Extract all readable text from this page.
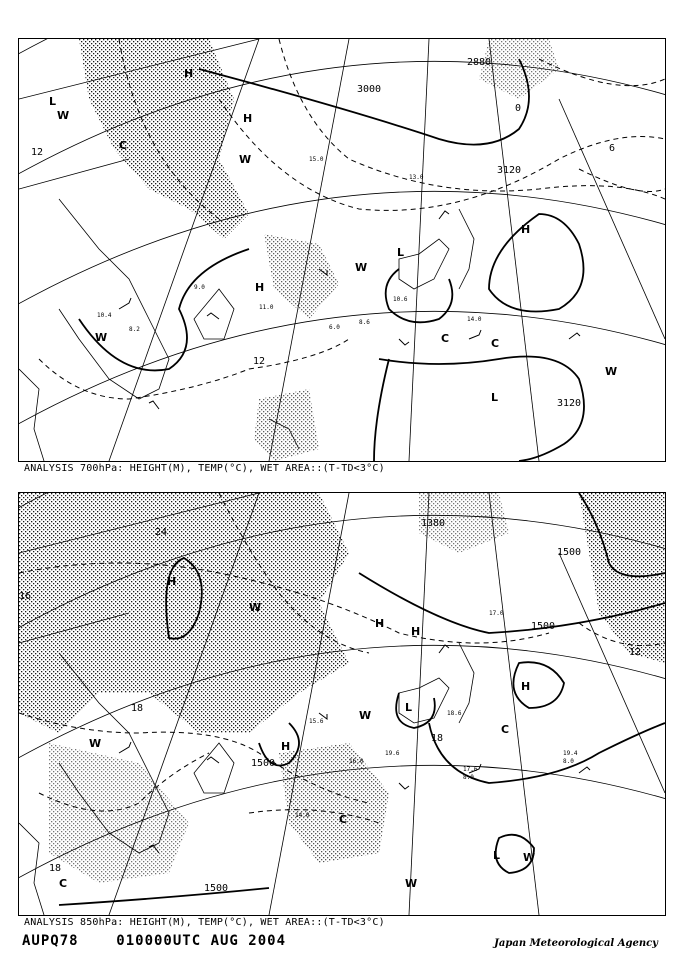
3000
2880
3120
3120
12
12
0
6
H
H
H
H
L
L
L
C
C	C
W
W
W
W
W
10.4
6.0
11.0
13.0
15.0
14.0
8.2
9.0
10.6
8.6
ANALYSIS 700hPa: HEIGHT(M), TEMP(°C), WET AREA::(T-TD<3°C)
1500
1500
1500
1500
1380
18
18
18
12
16
24
H
H
H
H
H
L
L
C
C
C
W
W
W
W
W
19.4
8.0
17.6
8.0
15.6
16.0
19.6
18.6
17.0
14.0
ANALYSIS 850hPa: HEIGHT(M), TEMP(°C), WET AREA::(T-TD<3°C)
AUPQ78    010000UTC AUG 2004	Japan Meteorological Agency
